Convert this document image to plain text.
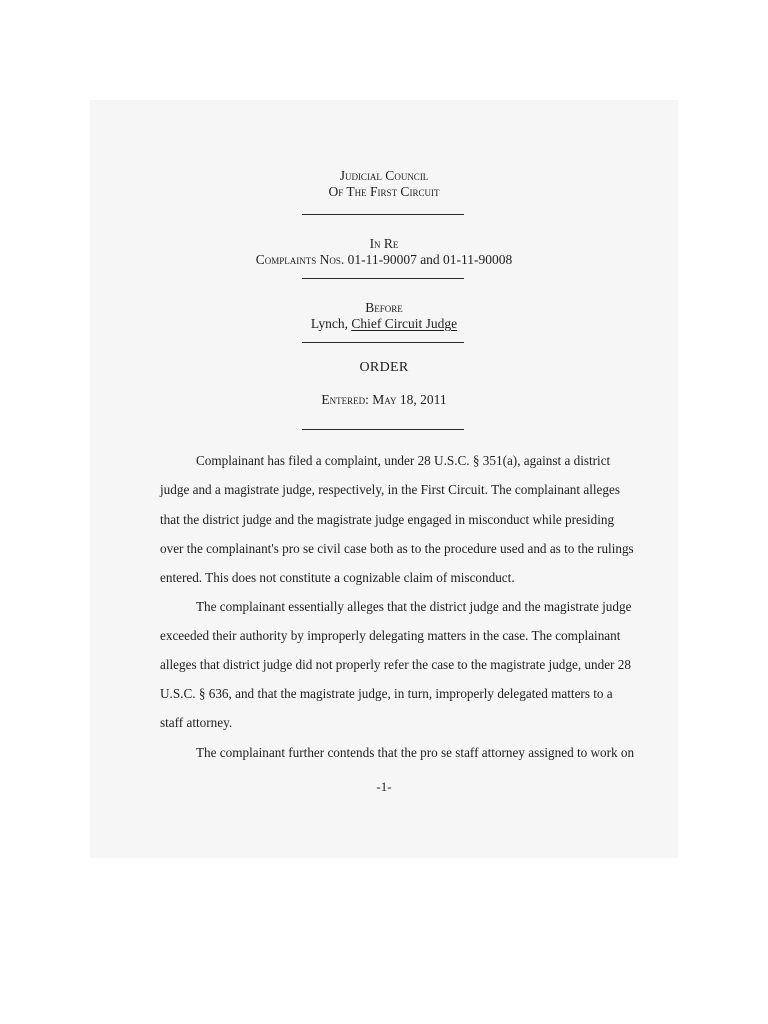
Judicial Council
Of The First Circuit
In Re
Complaints Nos. 01-11-90007 and 01-11-90008
Before
Lynch, Chief Circuit Judge
ORDER
Entered: May 18, 2011
Complainant has filed a complaint, under 28 U.S.C. § 351(a), against a district
judge and a magistrate judge, respectively, in the First Circuit. The complainant alleges
that the district judge and the magistrate judge engaged in misconduct while presiding
over the complainant's pro se civil case both as to the procedure used and as to the rulings
entered. This does not constitute a cognizable claim of misconduct.
The complainant essentially alleges that the district judge and the magistrate judge
exceeded their authority by improperly delegating matters in the case. The complainant
alleges that district judge did not properly refer the case to the magistrate judge, under 28
U.S.C. § 636, and that the magistrate judge, in turn, improperly delegated matters to a
staff attorney.
The complainant further contends that the pro se staff attorney assigned to work on
-1-
